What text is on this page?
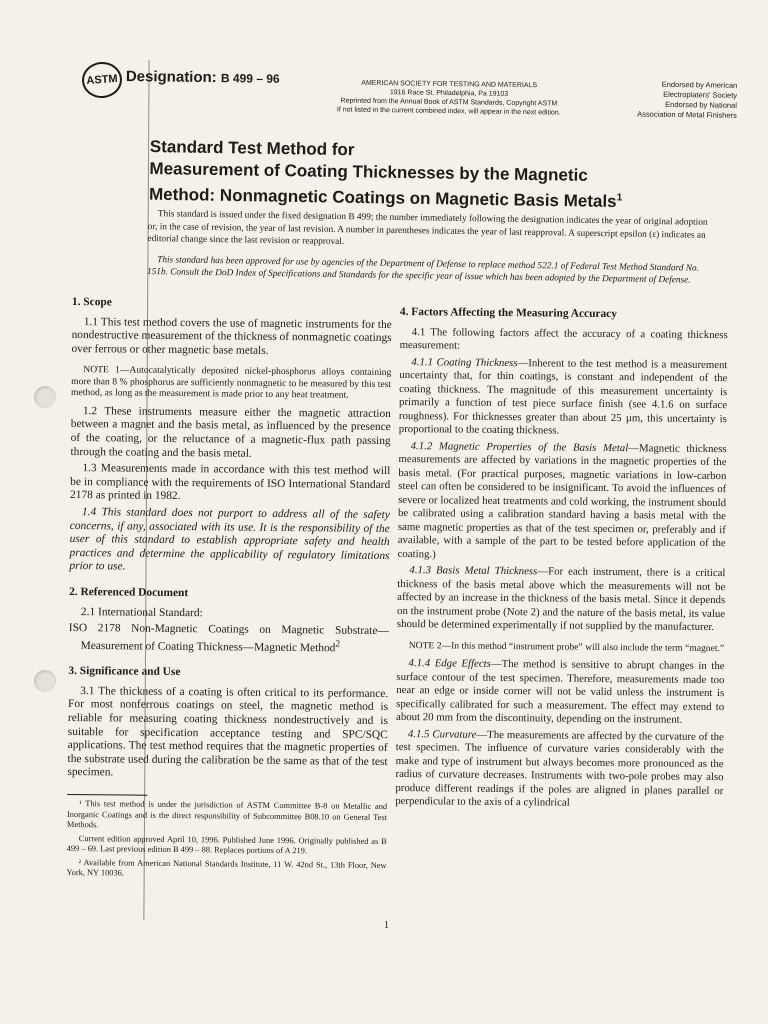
ASTM Designation: B 499 – 96	AMERICAN SOCIETY FOR TESTING AND MATERIALS
1916 Race St. Philadelphia, Pa 19103
Reprinted from the Annual Book of ASTM Standards, Copyright ASTM
If not listed in the current combined index, will appear in the next edition.
Endorsed by American
Electroplaters' Society
Endorsed by National
Association of Metal Finishers
Standard Test Method for
Measurement of Coating Thicknesses by the Magnetic
Method: Nonmagnetic Coatings on Magnetic Basis Metals$^1$

This standard is issued under the fixed designation B 499; the number immediately following the designation indicates the year of original adoption or, in the case of revision, the year of last revision. A number in parentheses indicates the year of last reapproval. A superscript epsilon (ε) indicates an editorial change since the last revision or reapproval.

This standard has been approved for use by agencies of the Department of Defense to replace method 522.1 of Federal Test Method Standard No. 151b. Consult the DoD Index of Specifications and Standards for the specific year of issue which has been adopted by the Department of Defense.

1. Scope

1.1 This test method covers the use of magnetic instruments for the nondestructive measurement of the thickness of nonmagnetic coatings over ferrous or other magnetic base metals.

NOTE 1—Autocatalytically deposited nickel-phosphorus alloys containing more than 8 % phosphorus are sufficiently nonmagnetic to be measured by this test method, as long as the measurement is made prior to any heat treatment.

1.2 These instruments measure either the magnetic attraction between a magnet and the basis metal, as influenced by the presence of the coating, or the reluctance of a magnetic-flux path passing through the coating and the basis metal.

1.3 Measurements made in accordance with this test method will be in compliance with the requirements of ISO International Standard 2178 as printed in 1982.

1.4 This standard does not purport to address all of the safety concerns, if any, associated with its use. It is the responsibility of the user of this standard to establish appropriate safety and health practices and determine the applicability of regulatory limitations prior to use.

2. Referenced Document

2.1 International Standard:

ISO 2178 Non-Magnetic Coatings on Magnetic Substrate—Measurement of Coating Thickness—Magnetic Method$^2$

3. Significance and Use

3.1 The thickness of a coating is often critical to its performance. For most nonferrous coatings on steel, the magnetic method is reliable for measuring coating thickness nondestructively and is suitable for specification acceptance testing and SPC/SQC applications. The test method requires that the magnetic properties of the substrate used during the calibration be the same as that of the test specimen.

¹ This test method is under the jurisdiction of ASTM Committee B-8 on Metallic and Inorganic Coatings and is the direct responsibility of Subcommittee B08.10 on General Test Methods.

Current edition approved April 10, 1996. Published June 1996. Originally published as B 499 – 69. Last previous edition B 499 – 88. Replaces portions of A 219.

² Available from American National Standards Institute, 11 W. 42nd St., 13th Floor, New York, NY 10036.

4. Factors Affecting the Measuring Accuracy

4.1 The following factors affect the accuracy of a coating thickness measurement:

4.1.1 Coating Thickness—Inherent to the test method is a measurement uncertainty that, for thin coatings, is constant and independent of the coating thickness. The magnitude of this measurement uncertainty is primarily a function of test piece surface finish (see 4.1.6 on surface roughness). For thicknesses greater than about 25 µm, this uncertainty is proportional to the coating thickness.

4.1.2 Magnetic Properties of the Basis Metal—Magnetic thickness measurements are affected by variations in the magnetic properties of the basis metal. (For practical purposes, magnetic variations in low-carbon steel can often be considered to be insignificant. To avoid the influences of severe or localized heat treatments and cold working, the instrument should be calibrated using a calibration standard having a basis metal with the same magnetic properties as that of the test specimen or, preferably and if available, with a sample of the part to be tested before application of the coating.)

4.1.3 Basis Metal Thickness—For each instrument, there is a critical thickness of the basis metal above which the measurements will not be affected by an increase in the thickness of the basis metal. Since it depends on the instrument probe (Note 2) and the nature of the basis metal, its value should be determined experimentally if not supplied by the manufacturer.

NOTE 2—In this method “instrument probe” will also include the term “magnet.”

4.1.4 Edge Effects—The method is sensitive to abrupt changes in the surface contour of the test specimen. Therefore, measurements made too near an edge or inside corner will not be valid unless the instrument is specifically calibrated for such a measurement. The effect may extend to about 20 mm from the discontinuity, depending on the instrument.

4.1.5 Curvature—The measurements are affected by the curvature of the test specimen. The influence of curvature varies considerably with the make and type of instrument but always becomes more pronounced as the radius of curvature decreases. Instruments with two-pole probes may also produce different readings if the poles are aligned in planes parallel or perpendicular to the axis of a cylindrical

1
